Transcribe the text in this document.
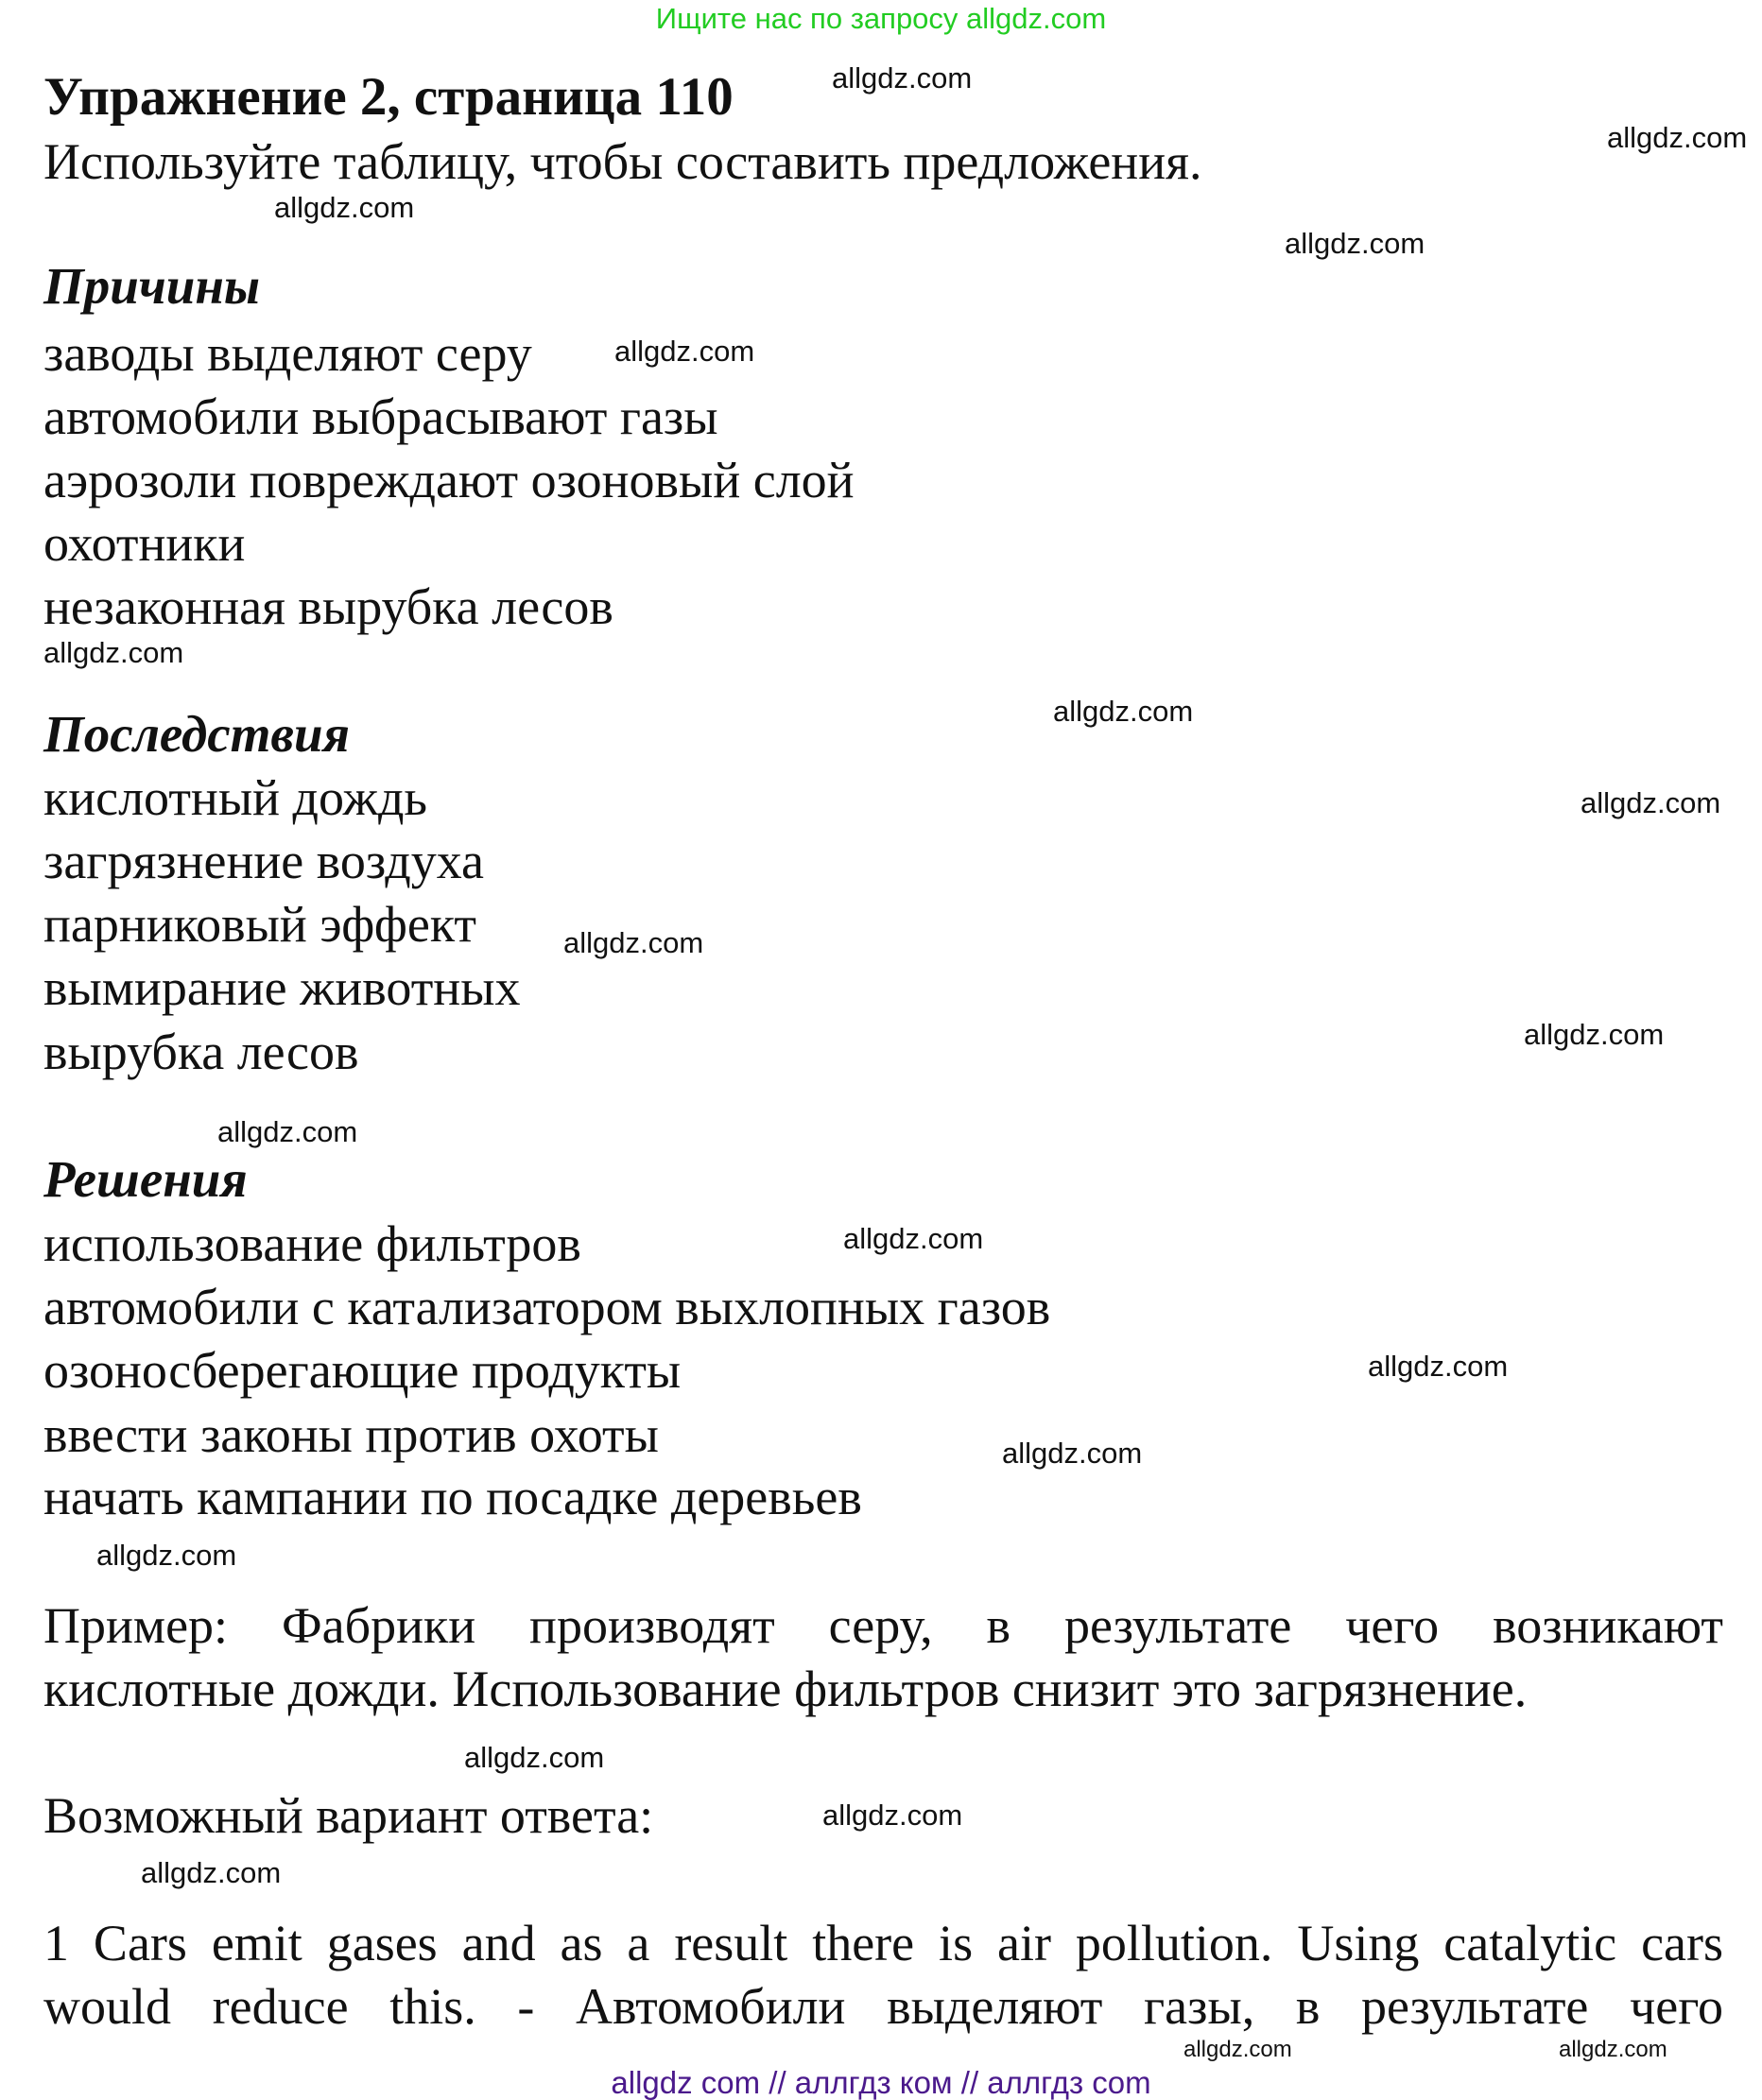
Ищите нас по запросу allgdz.com
Упражнение 2, страница 110
Используйте таблицу, чтобы составить предложения.
Причины
заводы выделяют серу
автомобили выбрасывают газы
аэрозоли повреждают озоновый слой
охотники
незаконная вырубка лесов
Последствия
кислотный дождь
загрязнение воздуха
парниковый эффект
вымирание животных
вырубка лесов
Решения
использование фильтров
автомобили с катализатором выхлопных газов
озоносберегающие продукты
ввести законы против охоты
начать кампании по посадке деревьев
Пример: Фабрики производят серу, в результате чего возникают
кислотные дожди. Использование фильтров снизит это загрязнение.
Возможный вариант ответа:
1 Cars emit gases and as a result there is air pollution. Using catalytic cars
would reduce this. - Автомобили выделяют газы, в результате чего
allgdz.com
allgdz.com
allgdz.com
allgdz.com
allgdz.com
allgdz.com
allgdz.com
allgdz.com
allgdz.com
allgdz.com
allgdz.com
allgdz.com
allgdz.com
allgdz.com
allgdz.com
allgdz.com
allgdz.com
allgdz.com
allgdz.com	allgdz.com
allgdz com // аллгдз ком // аллгдз com
